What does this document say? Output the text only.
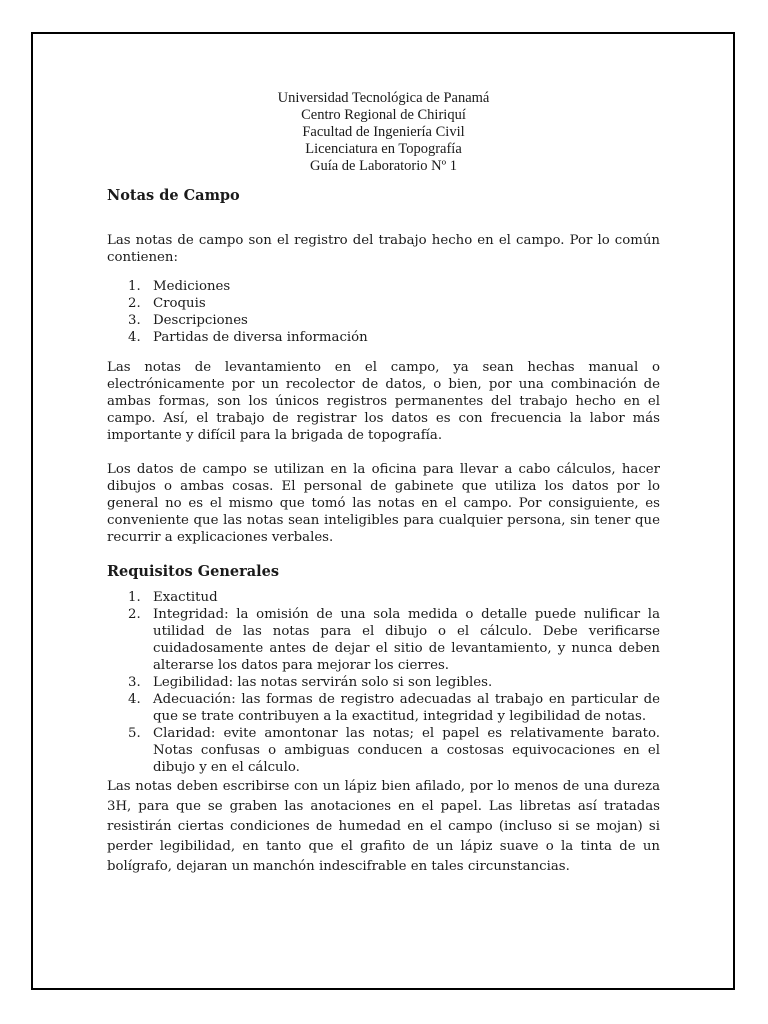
Universidad Tecnológica de Panamá
Centro Regional de Chiriquí
Facultad de Ingeniería Civil
Licenciatura en Topografía
Guía de Laboratorio Nº 1
Notas de Campo

Las notas de campo son el registro del trabajo hecho en el campo. Por lo común contienen:

1. Mediciones
2. Croquis
3. Descripciones
4. Partidas de diversa información

Las notas de levantamiento en el campo, ya sean hechas manual o electrónicamente por un recolector de datos, o bien, por una combinación de ambas formas, son los únicos registros permanentes del trabajo hecho en el campo. Así, el trabajo de registrar los datos es con frecuencia la labor más importante y difícil para la brigada de topografía.

Los datos de campo se utilizan en la oficina para llevar a cabo cálculos, hacer dibujos o ambas cosas. El personal de gabinete que utiliza los datos por lo general no es el mismo que tomó las notas en el campo. Por consiguiente, es conveniente que las notas sean inteligibles para cualquier persona, sin tener que recurrir a explicaciones verbales.

Requisitos Generales
1. Exactitud
2. Integridad: la omisión de una sola medida o detalle puede nulificar la utilidad de las notas para el dibujo o el cálculo. Debe verificarse cuidadosamente antes de dejar el sitio de levantamiento, y nunca deben alterarse los datos para mejorar los cierres.
3. Legibilidad: las notas servirán solo si son legibles.
4. Adecuación: las formas de registro adecuadas al trabajo en particular de que se trate contribuyen a la exactitud, integridad y legibilidad de notas.
5. Claridad: evite amontonar las notas; el papel es relativamente barato. Notas confusas o ambiguas conducen a costosas equivocaciones en el dibujo y en el cálculo.

Las notas deben escribirse con un lápiz bien afilado, por lo menos de una dureza 3H, para que se graben las anotaciones en el papel. Las libretas así tratadas resistirán ciertas condiciones de humedad en el campo (incluso si se mojan) si perder legibilidad, en tanto que el grafito de un lápiz suave o la tinta de un bolígrafo, dejaran un manchón indescifrable en tales circunstancias.
